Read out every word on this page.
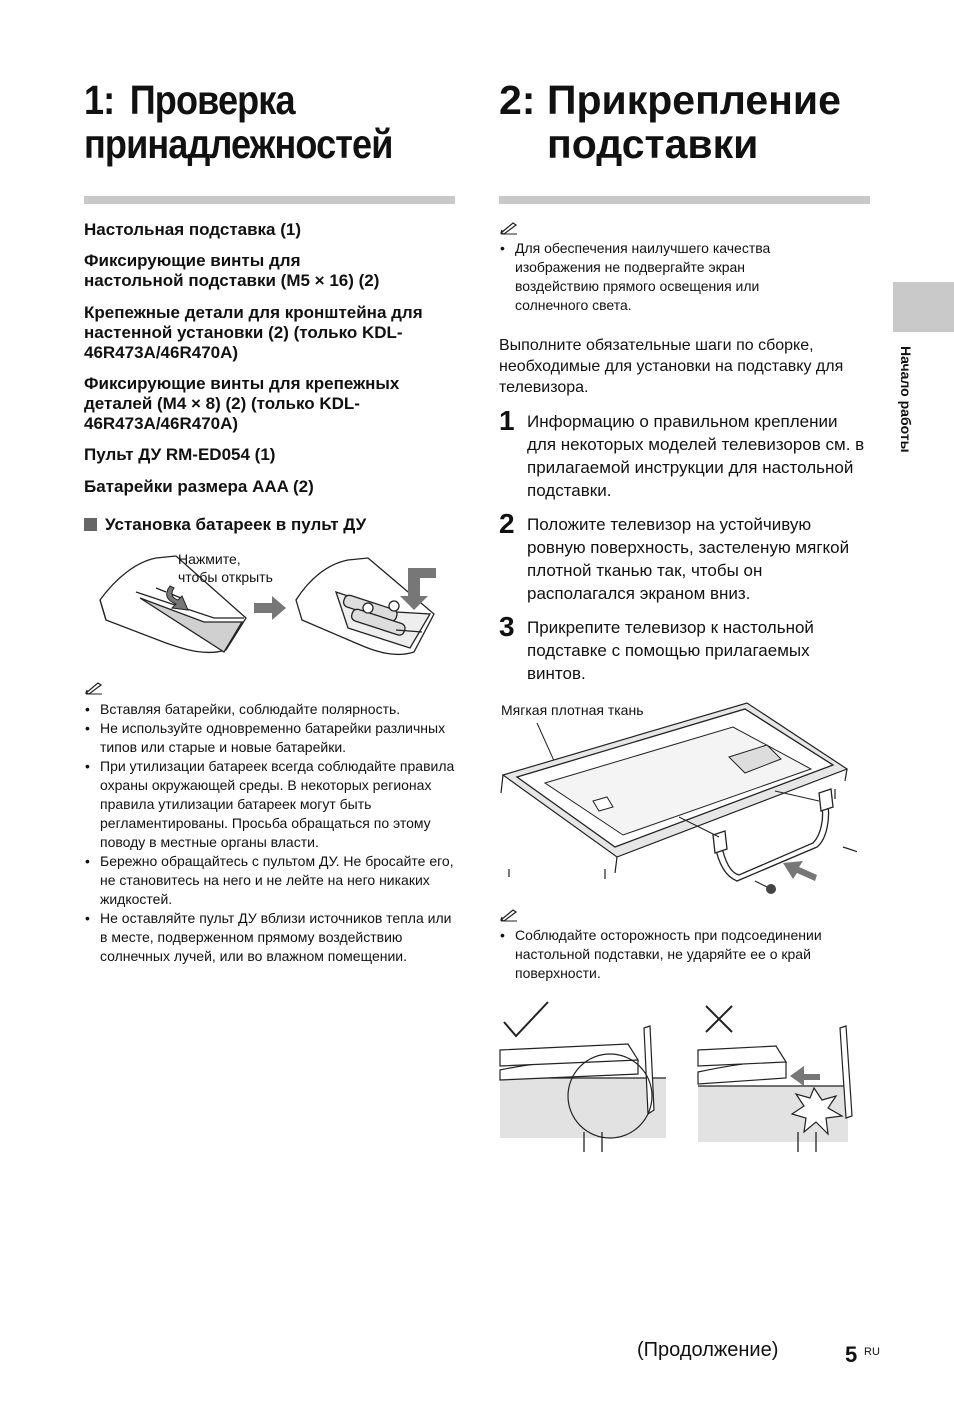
Начало работы
1: Проверка
принадлежностей
Настольная подставка (1)
Фиксирующие винты для настольной подставки (М5 × 16) (2)
Крепежные детали для кронштейна для настенной установки (2) (только KDL-46R473A/46R470A)
Фиксирующие винты для крепежных деталей (М4 × 8) (2) (только KDL-46R473A/46R470A)
Пульт ДУ RM-ED054 (1)
Батарейки размера AAA (2)
Установка батареек в пульт ДУ
Нажмите,
чтобы открыть
• Вставляя батарейки, соблюдайте полярность.
• Не используйте одновременно батарейки различных типов или старые и новые батарейки.
• При утилизации батареек всегда соблюдайте правила охраны окружающей среды. В некоторых регионах правила утилизации батареек могут быть регламентированы. Просьба обращаться по этому поводу в местные органы власти.
• Бережно обращайтесь с пультом ДУ. Не бросайте его, не становитесь на него и не лейте на него никаких жидкостей.
• Не оставляйте пульт ДУ вблизи источников тепла или в месте, подверженном прямому воздействию солнечных лучей, или во влажном помещении.
2: Прикрепление
подставки
• Для обеспечения наилучшего качества изображения не подвергайте экран воздействию прямого освещения или солнечного света.
Выполните обязательные шаги по сборке, необходимые для установки на подставку для телевизора.
1 Информацию о правильном креплении для некоторых моделей телевизоров см. в прилагаемой инструкции для настольной подставки.
2 Положите телевизор на устойчивую ровную поверхность, застеленую мягкой плотной тканью так, чтобы он располагался экраном вниз.
3 Прикрепите телевизор к настольной подставке с помощью прилагаемых винтов.
Мягкая плотная ткань
• Соблюдайте осторожность при подсоединении настольной подставки, не ударяйте ее о край поверхности.
(Продолжение)	5 RU
